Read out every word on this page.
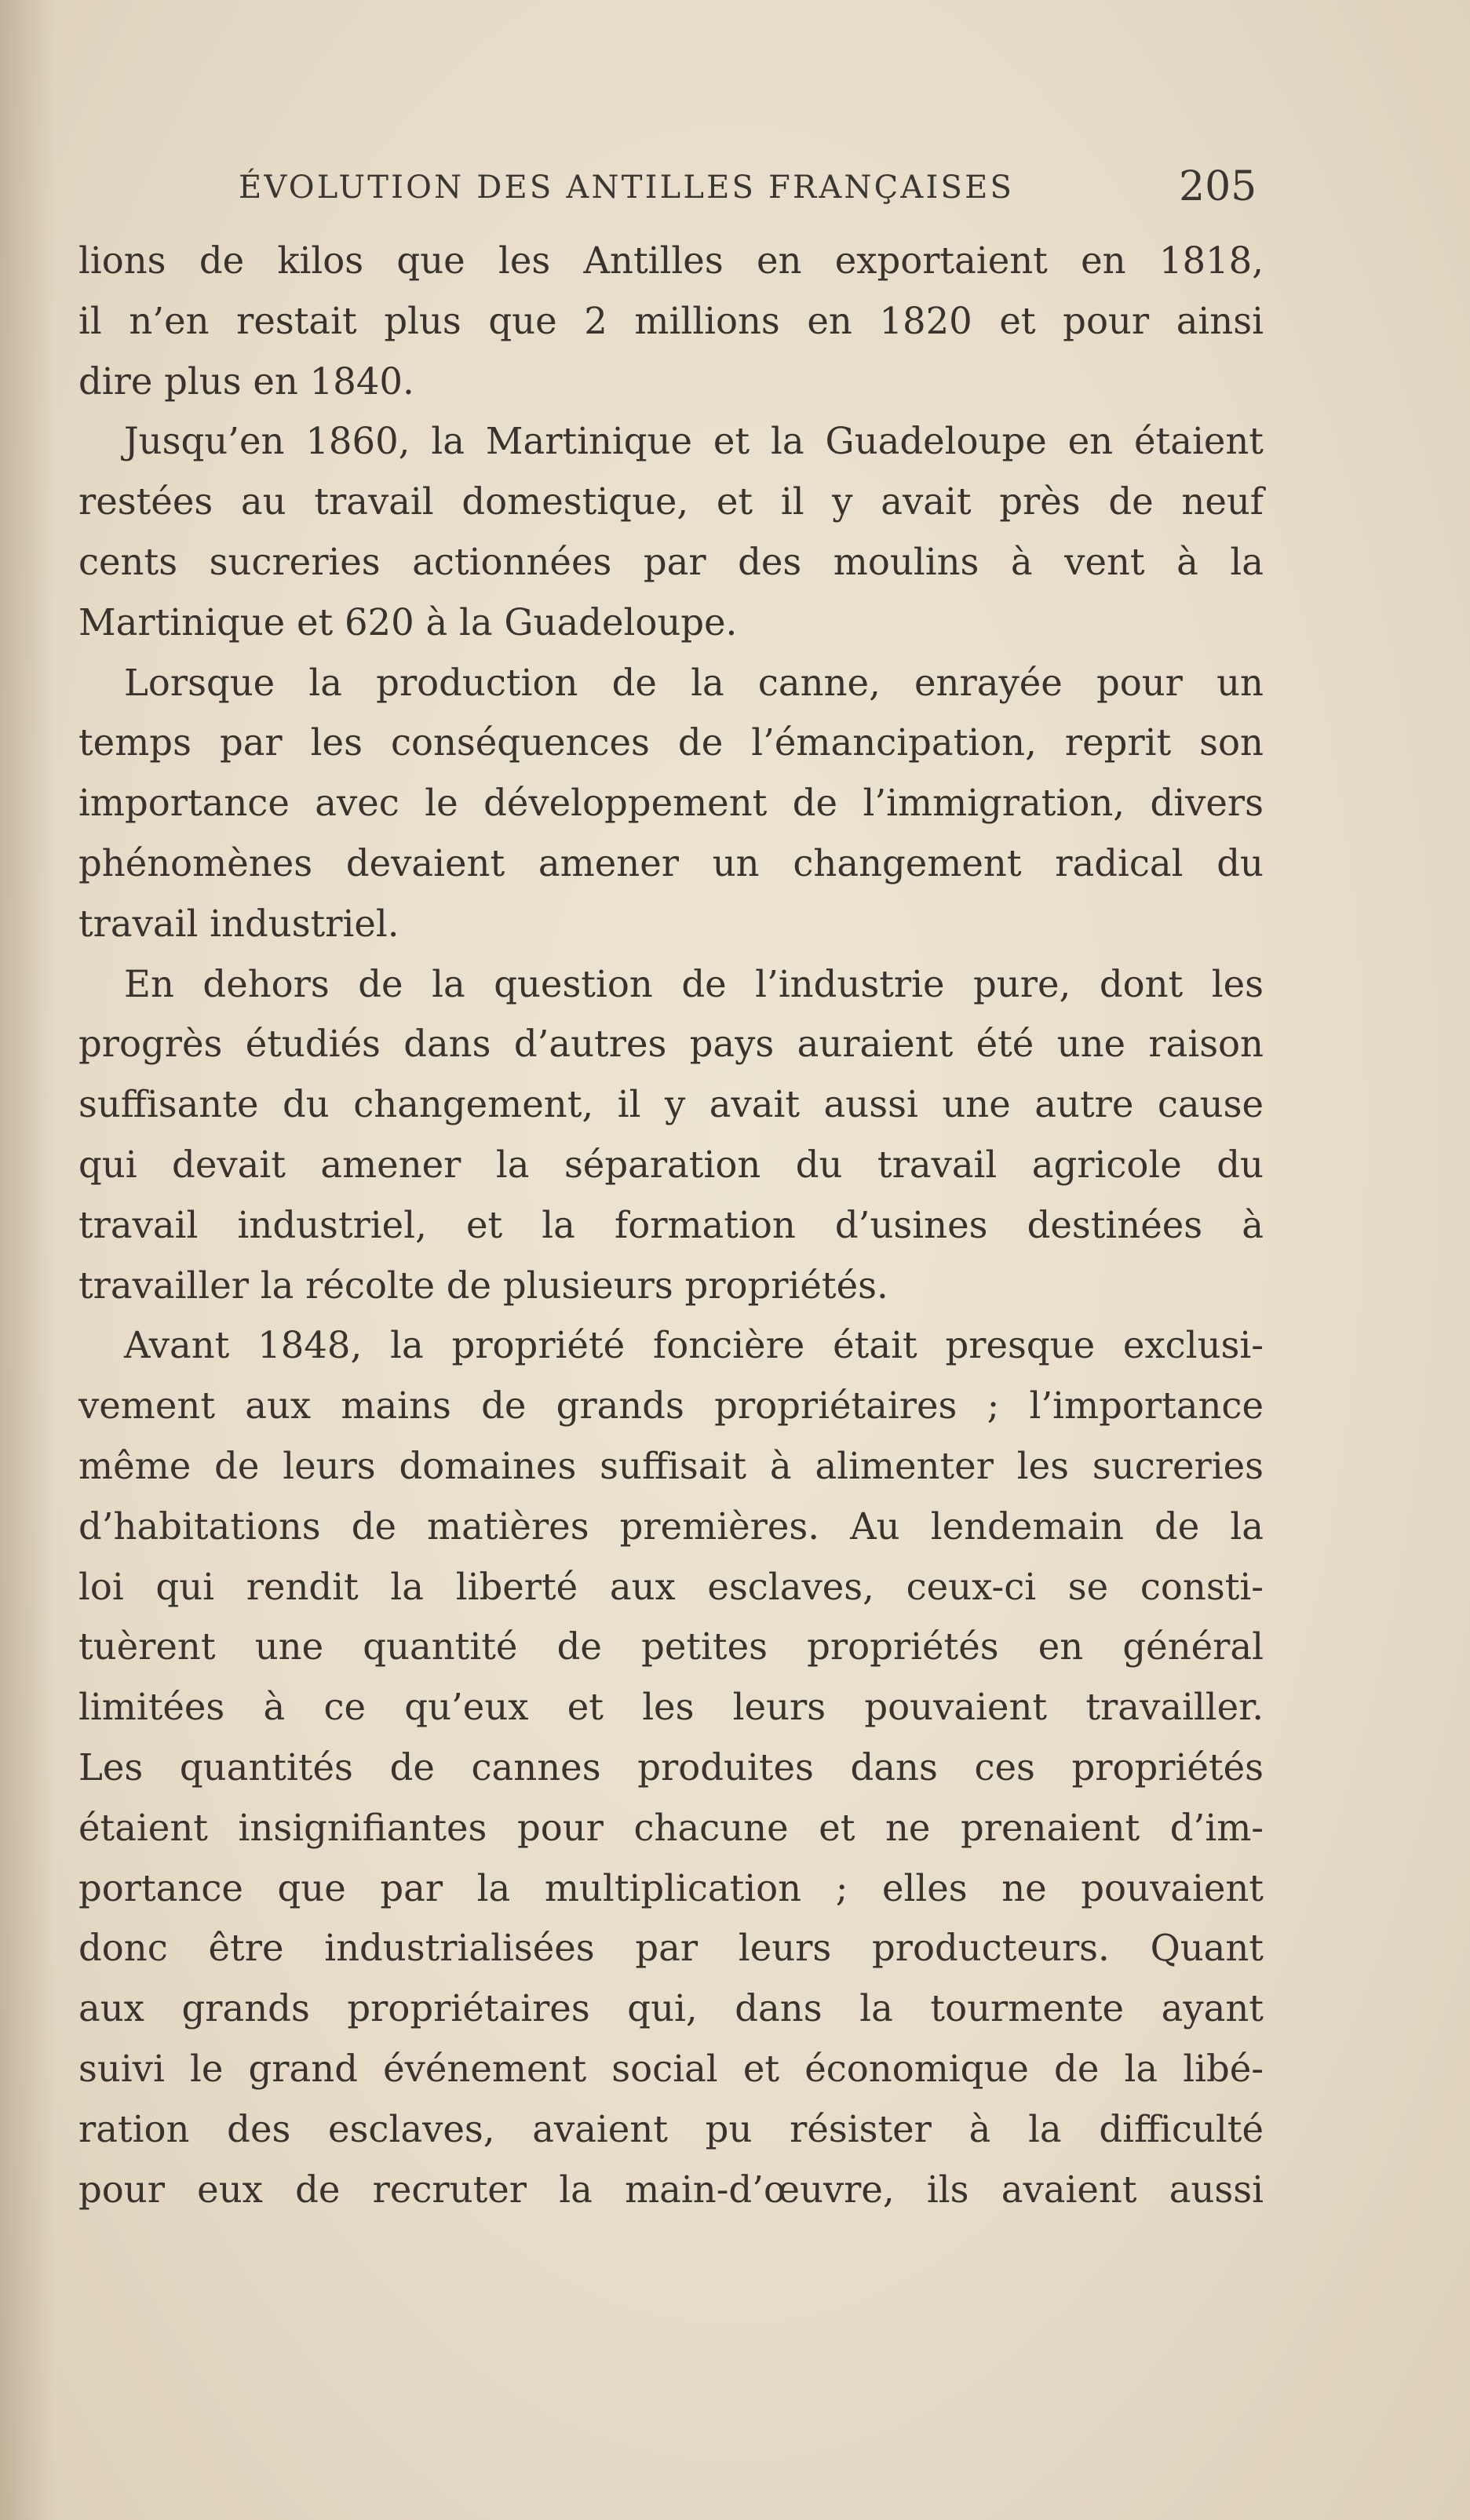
ÉVOLUTION DES ANTILLES FRANÇAISES	205
lions de kilos que les Antilles en exportaient en 1818,
il n’en restait plus que 2 millions en 1820 et pour ainsi
dire plus en 1840.
Jusqu’en 1860, la Martinique et la Guadeloupe en étaient
restées au travail domestique, et il y avait près de neuf
cents sucreries actionnées par des moulins à vent à la
Martinique et 620 à la Guadeloupe.
Lorsque la production de la canne, enrayée pour un
temps par les conséquences de l’émancipation, reprit son
importance avec le développement de l’immigration, divers
phénomènes devaient amener un changement radical du
travail industriel.
En dehors de la question de l’industrie pure, dont les
progrès étudiés dans d’autres pays auraient été une raison
suffisante du changement, il y avait aussi une autre cause
qui devait amener la séparation du travail agricole du
travail industriel, et la formation d’usines destinées à
travailler la récolte de plusieurs propriétés.
Avant 1848, la propriété foncière était presque exclusi-
vement aux mains de grands propriétaires ; l’importance
même de leurs domaines suffisait à alimenter les sucreries
d’habitations de matières premières. Au lendemain de la
loi qui rendit la liberté aux esclaves, ceux-ci se consti-
tuèrent une quantité de petites propriétés en général
limitées à ce qu’eux et les leurs pouvaient travailler.
Les quantités de cannes produites dans ces propriétés
étaient insignifiantes pour chacune et ne prenaient d’im-
portance que par la multiplication ; elles ne pouvaient
donc être industrialisées par leurs producteurs. Quant
aux grands propriétaires qui, dans la tourmente ayant
suivi le grand événement social et économique de la libé-
ration des esclaves, avaient pu résister à la difficulté
pour eux de recruter la main-d’œuvre, ils avaient aussi
